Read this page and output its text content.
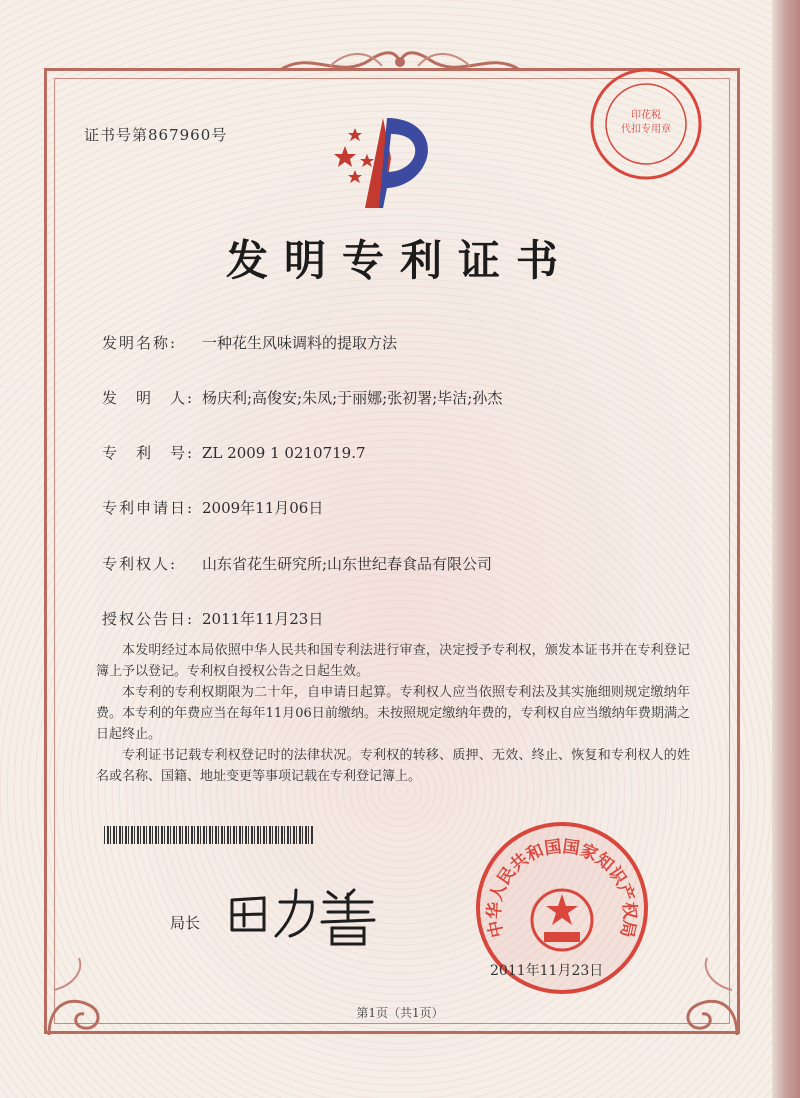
证书号第867960号
印花税
代扣专用章
发明专利证书
发明名称: 一种花生风味调料的提取方法
发　明　人: 杨庆利;高俊安;朱凤;于丽娜;张初署;毕洁;孙杰
专　利　号: ZL 2009 1 0210719.7
专利申请日: 2009年11月06日
专利权人: 山东省花生研究所;山东世纪春食品有限公司
授权公告日: 2011年11月23日

本发明经过本局依照中华人民共和国专利法进行审查，决定授予专利权，颁发本证书并在专利登记簿上予以登记。专利权自授权公告之日起生效。

本专利的专利权期限为二十年，自申请日起算。专利权人应当依照专利法及其实施细则规定缴纳年费。本专利的年费应当在每年11月06日前缴纳。未按照规定缴纳年费的，专利权自应当缴纳年费期满之日起终止。

专利证书记载专利权登记时的法律状况。专利权的转移、质押、无效、终止、恢复和专利权人的姓名或名称、国籍、地址变更等事项记载在专利登记簿上。

局长	中华人民共和国国家知识产权局
2011年11月23日
第1页（共1页）
